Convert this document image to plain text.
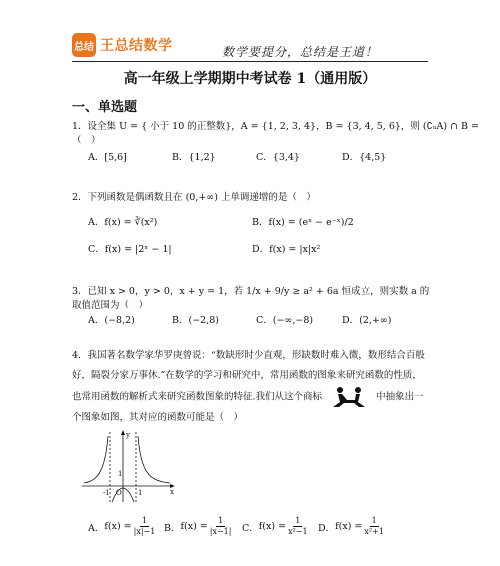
总结 王总结数学	数学要提分，总结是王道！
高一年级上学期期中考试卷 1（通用版）
一、单选题
1．设全集 U = { 小于 10 的正整数}，A = {1, 2, 3, 4}，B = {3, 4, 5, 6}，则 (∁ᵤA) ∩ B =（　）
A．[5,6]	B．{1,2}	C．{3,4}	D．{4,5}
2．下列函数是偶函数且在 (0,+∞) 上单调递增的是（　）
A．f(x) = ∛(x²)	B．f(x) = (eˣ − e⁻ˣ)/2
C．f(x) = |2ˣ − 1|	D．f(x) = |x|x²
3．已知 x > 0，y > 0，x + y = 1，若 1/x + 9/y ≥ a² + 6a 恒成立，则实数 a 的取值范围为（　）
A．(−8,2)	B．(−2,8)	C．(−∞,−8)	D．(2,+∞)
4．我国著名数学家华罗庚曾说：“数缺形时少直观，形缺数时难入微，数形结合百般好，隔裂分家万事休.”在数学的学习和研究中，常用函数的图象来研究函数的性质，也常用函数的解析式来研究函数图象的特征.我们从这个商标	中抽象出一个图象如图，其对应的函数可能是（　）
y
x
O
-1	1
1
A． $f(x) = \frac{1}{|x|-1}$ B． $f(x) = \frac{1}{|x-1|}$ C． $f(x) = \frac{1}{\text{x²−1}}$ D． $f(x) = \frac{1}{\text{x²+1}}$
